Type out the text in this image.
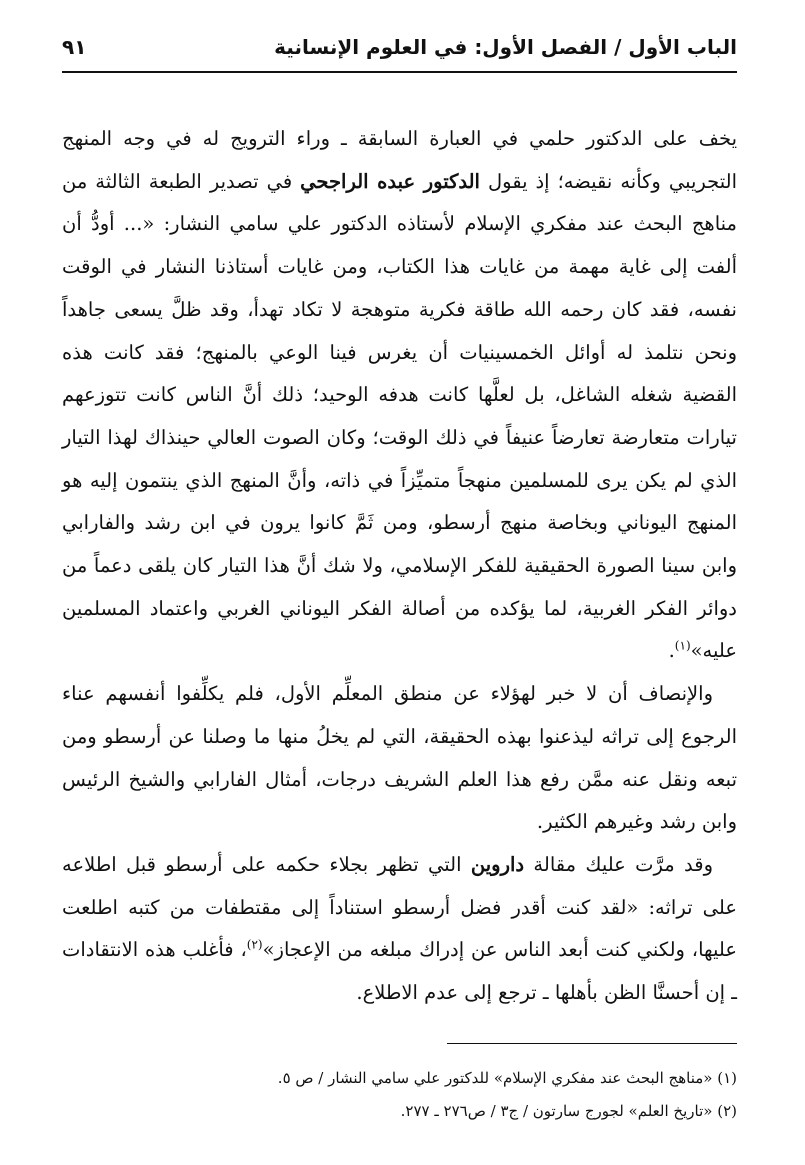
الباب الأول / الفصل الأول: في العلوم الإنسانية
٩١

يخف على الدكتور حلمي في العبارة السابقة ـ وراء الترويج له في وجه المنهج التجريبي وكأنه نقيضه؛ إذ يقول الدكتور عبده الراجحي في تصدير الطبعة الثالثة من مناهج البحث عند مفكري الإسلام لأستاذه الدكتور علي سامي النشار: «... أودُّ أن ألفت إلى غاية مهمة من غايات هذا الكتاب، ومن غايات أستاذنا النشار في الوقت نفسه، فقد كان رحمه الله طاقة فكرية متوهجة لا تكاد تهدأ، وقد ظلَّ يسعى جاهداً ونحن نتلمذ له أوائل الخمسينيات أن يغرس فينا الوعي بالمنهج؛ فقد كانت هذه القضية شغله الشاغل، بل لعلَّها كانت هدفه الوحيد؛ ذلك أنَّ الناس كانت تتوزعهم تيارات متعارضة تعارضاً عنيفاً في ذلك الوقت؛ وكان الصوت العالي حينذاك لهذا التيار الذي لم يكن يرى للمسلمين منهجاً متميِّزاً في ذاته، وأنَّ المنهج الذي ينتمون إليه هو المنهج اليوناني وبخاصة منهج أرسطو، ومن ثَمَّ كانوا يرون في ابن رشد والفارابي وابن سينا الصورة الحقيقية للفكر الإسلامي، ولا شك أنَّ هذا التيار كان يلقى دعماً من دوائر الفكر الغربية، لما يؤكده من أصالة الفكر اليوناني الغربي واعتماد المسلمين عليه»$^{(١)}$.

والإنصاف أن لا خبر لهؤلاء عن منطق المعلِّم الأول، فلم يكلِّفوا أنفسهم عناء الرجوع إلى تراثه ليذعنوا بهذه الحقيقة، التي لم يخلُ منها ما وصلنا عن أرسطو ومن تبعه ونقل عنه ممَّن رفع هذا العلم الشريف درجات، أمثال الفارابي والشيخ الرئيس وابن رشد وغيرهم الكثير.

وقد مرَّت عليك مقالة داروين التي تظهر بجلاء حكمه على أرسطو قبل اطلاعه على تراثه: «لقد كنت أقدر فضل أرسطو استناداً إلى مقتطفات من كتبه اطلعت عليها، ولكني كنت أبعد الناس عن إدراك مبلغه من الإعجاز»$^{(٢)}$، فأغلب هذه الانتقادات ـ إن أحسنَّا الظن بأهلها ـ ترجع إلى عدم الاطلاع.

(١) «مناهج البحث عند مفكري الإسلام» للدكتور علي سامي النشار / ص ٥.

(٢) «تاريخ العلم» لجورج سارتون / ج٣ / ص٢٧٦ ـ ٢٧٧.
